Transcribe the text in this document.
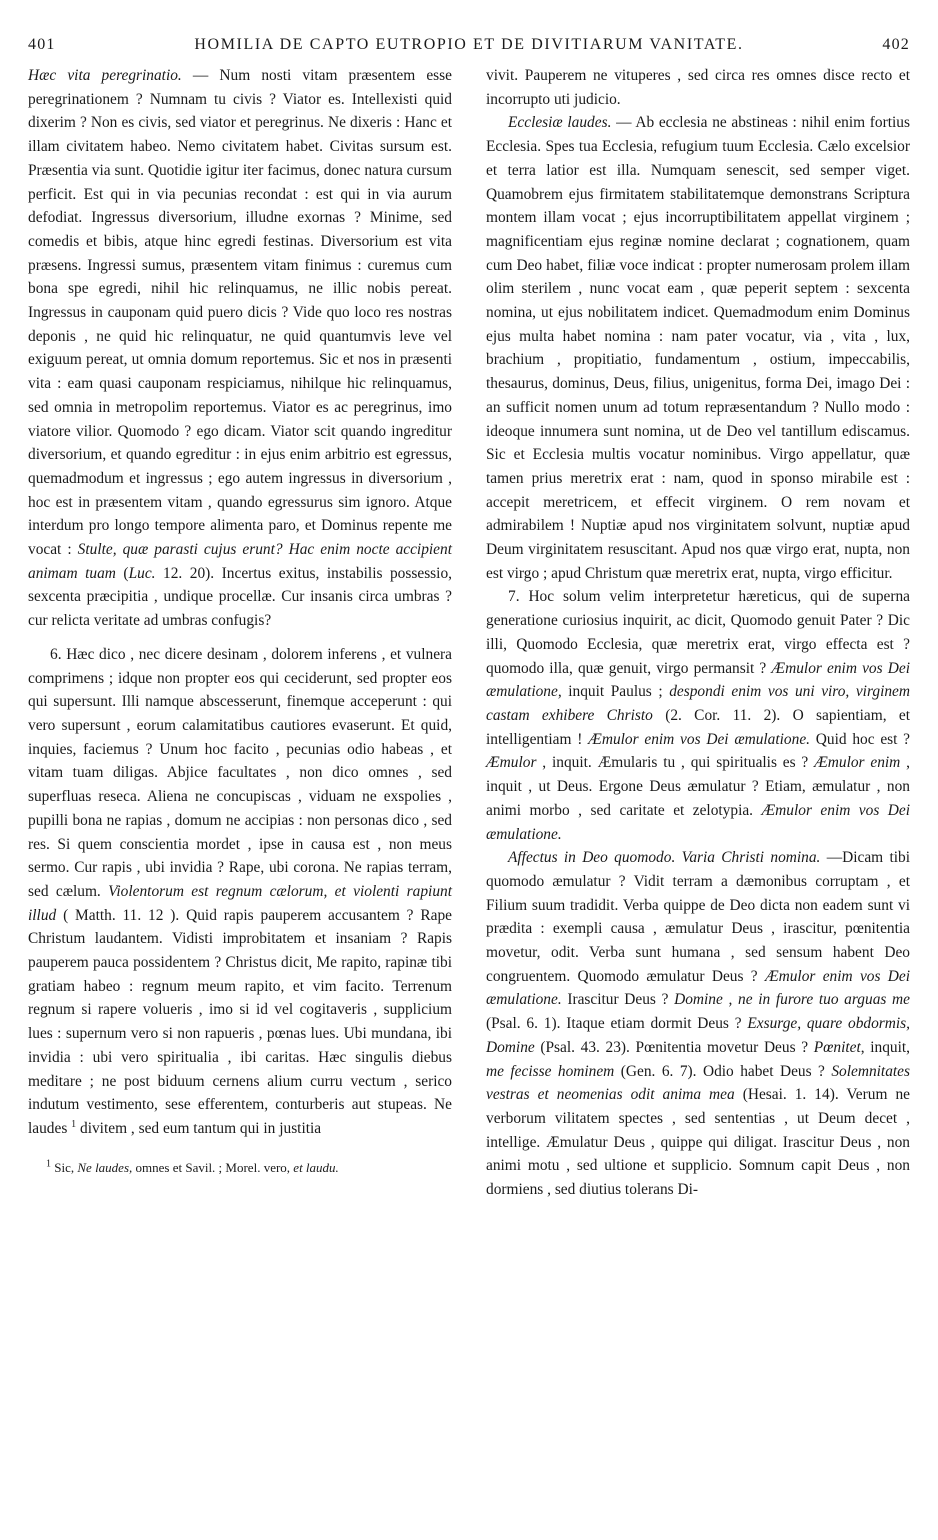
401	HOMILIA DE CAPTO EUTROPIO ET DE DIVITIARUM VANITATE.	402

Hæc vita peregrinatio. — Num nosti vitam præsentem esse peregrinationem ? Numnam tu civis ? Viator es. Intellexisti quid dixerim ? Non es civis, sed viator et peregrinus. Ne dixeris : Hanc et illam civitatem habeo. Nemo civitatem habet. Civitas sursum est. Præsentia via sunt. Quotidie igitur iter facimus, donec natura cursum perficit. Est qui in via pecunias recondat : est qui in via aurum defodiat. Ingressus diversorium, illudne exornas ? Minime, sed comedis et bibis, atque hinc egredi festinas. Diversorium est vita præsens. Ingressi sumus, præsentem vitam finimus : curemus cum bona spe egredi, nihil hic relinquamus, ne illic nobis pereat. Ingressus in cauponam quid puero dicis ? Vide quo loco res nostras deponis , ne quid hic relinquatur, ne quid quantumvis leve vel exiguum pereat, ut omnia domum reportemus. Sic et nos in præsenti vita : eam quasi cauponam respiciamus, nihilque hic relinquamus, sed omnia in metropolim reportemus. Viator es ac peregrinus, imo viatore vilior. Quomodo ? ego dicam. Viator scit quando ingreditur diversorium, et quando egreditur : in ejus enim arbitrio est egressus, quemadmodum et ingressus ; ego autem ingressus in diversorium , hoc est in præsentem vitam , quando egressurus sim ignoro. Atque interdum pro longo tempore alimenta paro, et Dominus repente me vocat : Stulte, quæ parasti cujus erunt? Hac enim nocte accipient animam tuam (Luc. 12. 20). Incertus exitus, instabilis possessio, sexcenta præcipitia , undique procellæ. Cur insanis circa umbras ? cur relicta veritate ad umbras confugis?

6. Hæc dico , nec dicere desinam , dolorem inferens , et vulnera comprimens ; idque non propter eos qui ceciderunt, sed propter eos qui supersunt. Illi namque abscesserunt, finemque acceperunt : qui vero supersunt , eorum calamitatibus cautiores evaserunt. Et quid, inquies, faciemus ? Unum hoc facito , pecunias odio habeas , et vitam tuam diligas. Abjice facultates , non dico omnes , sed superfluas reseca. Aliena ne concupiscas , viduam ne exspolies , pupilli bona ne rapias , domum ne accipias : non personas dico , sed res. Si quem conscientia mordet , ipse in causa est , non meus sermo. Cur rapis , ubi invidia ? Rape, ubi corona. Ne rapias terram, sed cælum. Violentorum est regnum cælorum, et violenti rapiunt illud ( Matth. 11. 12 ). Quid rapis pauperem accusantem ? Rape Christum laudantem. Vidisti improbitatem et insaniam ? Rapis pauperem pauca possidentem ? Christus dicit, Me rapito, rapinæ tibi gratiam habeo : regnum meum rapito, et vim facito. Terrenum regnum si rapere volueris , imo si id vel cogitaveris , supplicium lues : supernum vero si non rapueris , pœnas lues. Ubi mundana, ibi invidia : ubi vero spiritualia , ibi caritas. Hæc singulis diebus meditare ; ne post biduum cernens alium curru vectum , serico indutum vestimento, sese efferentem, conturberis aut stupeas. Ne laudes $^1$ divitem , sed eum tantum qui in justitia

$^1$ Sic, Ne laudes, omnes et Savil. ; Morel. vero, et laudu.

vivit. Pauperem ne vituperes , sed circa res omnes disce recto et incorrupto uti judicio.

Ecclesiæ laudes. — Ab ecclesia ne abstineas : nihil enim fortius Ecclesia. Spes tua Ecclesia, refugium tuum Ecclesia. Cælo excelsior et terra latior est illa. Numquam senescit, sed semper viget. Quamobrem ejus firmitatem stabilitatemque demonstrans Scriptura montem illam vocat ; ejus incorruptibilitatem appellat virginem ; magnificentiam ejus reginæ nomine declarat ; cognationem, quam cum Deo habet, filiæ voce indicat : propter numerosam prolem illam olim sterilem , nunc vocat eam , quæ peperit septem : sexcenta nomina, ut ejus nobilitatem indicet. Quemadmodum enim Dominus ejus multa habet nomina : nam pater vocatur, via , vita , lux, brachium , propitiatio, fundamentum , ostium, impeccabilis, thesaurus, dominus, Deus, filius, unigenitus, forma Dei, imago Dei : an sufficit nomen unum ad totum repræsentandum ? Nullo modo : ideoque innumera sunt nomina, ut de Deo vel tantillum ediscamus. Sic et Ecclesia multis vocatur nominibus. Virgo appellatur, quæ tamen prius meretrix erat : nam, quod in sponso mirabile est : accepit meretricem, et effecit virginem. O rem novam et admirabilem ! Nuptiæ apud nos virginitatem solvunt, nuptiæ apud Deum virginitatem resuscitant. Apud nos quæ virgo erat, nupta, non est virgo ; apud Christum quæ meretrix erat, nupta, virgo efficitur.

7. Hoc solum velim interpretetur hæreticus, qui de superna generatione curiosius inquirit, ac dicit, Quomodo genuit Pater ? Dic illi, Quomodo Ecclesia, quæ meretrix erat, virgo effecta est ? quomodo illa, quæ genuit, virgo permansit ? Æmulor enim vos Dei æmulatione, inquit Paulus ; despondi enim vos uni viro, virginem castam exhibere Christo (2. Cor. 11. 2). O sapientiam, et intelligentiam ! Æmulor enim vos Dei æmulatione. Quid hoc est ? Æmulor , inquit. Æmularis tu , qui spiritualis es ? Æmulor enim , inquit , ut Deus. Ergone Deus æmulatur ? Etiam, æmulatur , non animi morbo , sed caritate et zelotypia. Æmulor enim vos Dei æmulatione.

Affectus in Deo quomodo. Varia Christi nomina. —Dicam tibi quomodo æmulatur ? Vidit terram a dæmonibus corruptam , et Filium suum tradidit. Verba quippe de Deo dicta non eadem sunt vi prædita : exempli causa , æmulatur Deus , irascitur, pœnitentia movetur, odit. Verba sunt humana , sed sensum habent Deo congruentem. Quomodo æmulatur Deus ? Æmulor enim vos Dei æmulatione. Irascitur Deus ? Domine , ne in furore tuo arguas me (Psal. 6. 1). Itaque etiam dormit Deus ? Exsurge, quare obdormis, Domine (Psal. 43. 23). Pœnitentia movetur Deus ? Pœnitet, inquit, me fecisse hominem (Gen. 6. 7). Odio habet Deus ? Solemnitates vestras et neomenias odit anima mea (Hesai. 1. 14). Verum ne verborum vilitatem spectes , sed sententias , ut Deum decet , intellige. Æmulatur Deus , quippe qui diligat. Irascitur Deus , non animi motu , sed ultione et supplicio. Somnum capit Deus , non dormiens , sed diutius tolerans Di-
